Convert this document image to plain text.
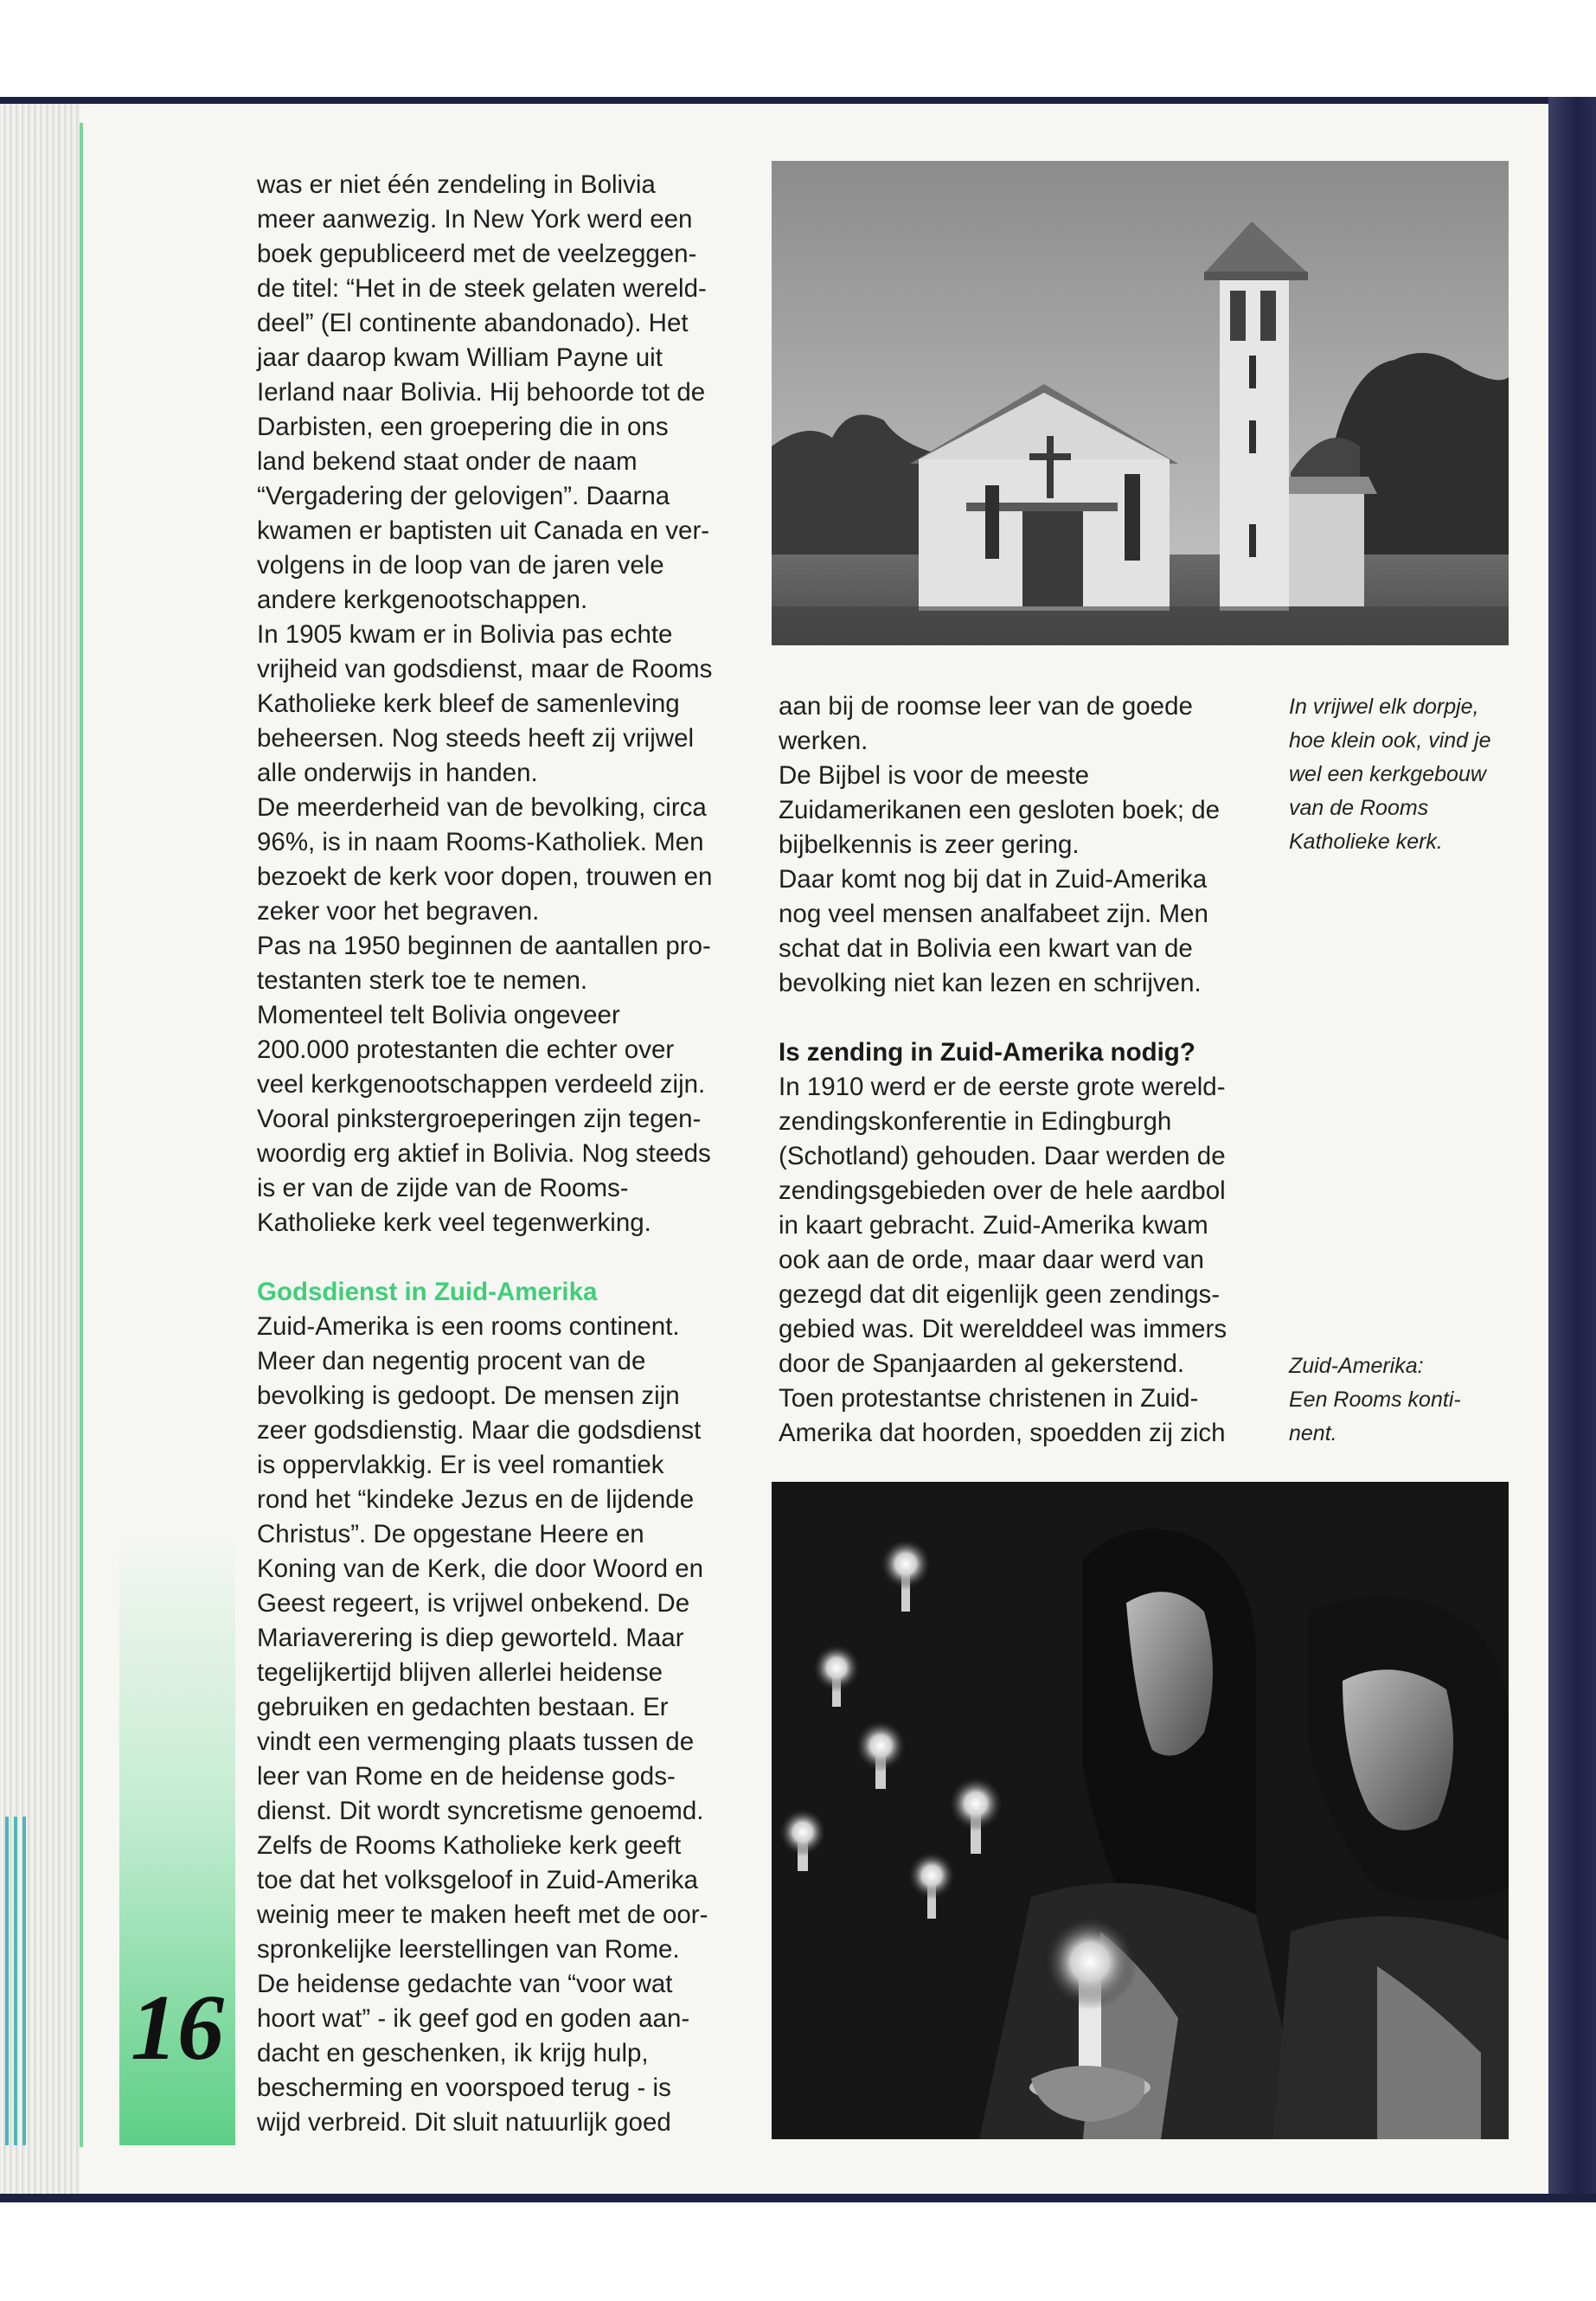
16

was er niet één zendeling in Bolivia
meer aanwezig. In New York werd een
boek gepubliceerd met de veelzeggen-
de titel: “Het in de steek gelaten wereld-
deel” (El continente abandonado). Het
jaar daarop kwam William Payne uit
Ierland naar Bolivia. Hij behoorde tot de
Darbisten, een groepering die in ons
land bekend staat onder de naam
“Vergadering der gelovigen”. Daarna
kwamen er baptisten uit Canada en ver-
volgens in de loop van de jaren vele
andere kerkgenootschappen.

In 1905 kwam er in Bolivia pas echte
vrijheid van godsdienst, maar de Rooms
Katholieke kerk bleef de samenleving
beheersen. Nog steeds heeft zij vrijwel
alle onderwijs in handen.

De meerderheid van de bevolking, circa
96%, is in naam Rooms-Katholiek. Men
bezoekt de kerk voor dopen, trouwen en
zeker voor het begraven.

Pas na 1950 beginnen de aantallen pro-
testanten sterk toe te nemen.

Momenteel telt Bolivia ongeveer
200.000 protestanten die echter over
veel kerkgenootschappen verdeeld zijn.
Vooral pinkstergroeperingen zijn tegen-
woordig erg aktief in Bolivia. Nog steeds
is er van de zijde van de Rooms-
Katholieke kerk veel tegenwerking.

Godsdienst in Zuid-Amerika

Zuid-Amerika is een rooms continent.
Meer dan negentig procent van de
bevolking is gedoopt. De mensen zijn
zeer godsdienstig. Maar die godsdienst
is oppervlakkig. Er is veel romantiek
rond het “kindeke Jezus en de lijdende
Christus”. De opgestane Heere en
Koning van de Kerk, die door Woord en
Geest regeert, is vrijwel onbekend. De
Mariaverering is diep geworteld. Maar
tegelijkertijd blijven allerlei heidense
gebruiken en gedachten bestaan. Er
vindt een vermenging plaats tussen de
leer van Rome en de heidense gods-
dienst. Dit wordt syncretisme genoemd.
Zelfs de Rooms Katholieke kerk geeft
toe dat het volksgeloof in Zuid-Amerika
weinig meer te maken heeft met de oor-
spronkelijke leerstellingen van Rome.
De heidense gedachte van “voor wat
hoort wat” - ik geef god en goden aan-
dacht en geschenken, ik krijg hulp,
bescherming en voorspoed terug - is
wijd verbreid. Dit sluit natuurlijk goed

aan bij de roomse leer van de goede
werken.

De Bijbel is voor de meeste
Zuidamerikanen een gesloten boek; de
bijbelkennis is zeer gering.

Daar komt nog bij dat in Zuid-Amerika
nog veel mensen analfabeet zijn. Men
schat dat in Bolivia een kwart van de
bevolking niet kan lezen en schrijven.

Is zending in Zuid-Amerika nodig?

In 1910 werd er de eerste grote wereld-
zendingskonferentie in Edingburgh
(Schotland) gehouden. Daar werden de
zendingsgebieden over de hele aardbol
in kaart gebracht. Zuid-Amerika kwam
ook aan de orde, maar daar werd van
gezegd dat dit eigenlijk geen zendings-
gebied was. Dit werelddeel was immers
door de Spanjaarden al gekerstend.
Toen protestantse christenen in Zuid-
Amerika dat hoorden, spoedden zij zich

In vrijwel elk dorpje,
hoe klein ook, vind je
wel een kerkgebouw
van de Rooms
Katholieke kerk.
Zuid-Amerika:
Een Rooms konti-
nent.
